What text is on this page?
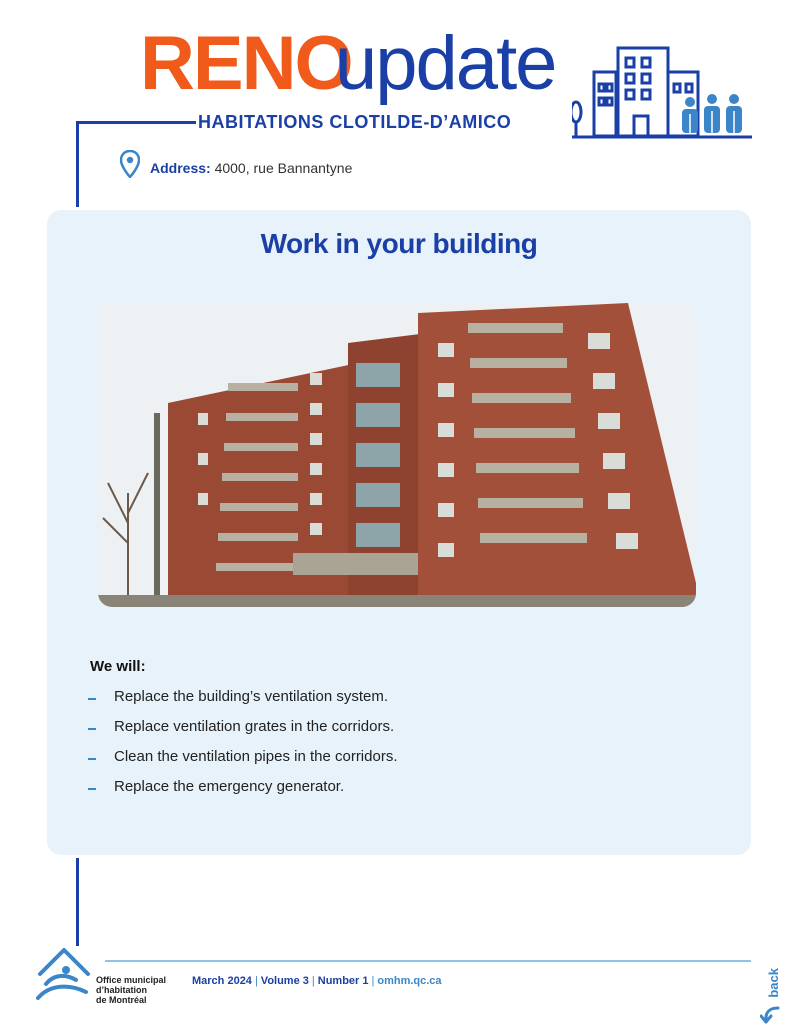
RENO
update
HABITATIONS CLOTILDE-D’AMICO
Address: 4000, rue Bannantyne
Work in your building
We will:
Replace the building’s ventilation system.
Replace ventilation grates in the corridors.
Clean the ventilation pipes in the corridors.
Replace the emergency generator.
Office municipal
d’habitation
de Montréal
March 2024 | Volume 3 | Number 1 | omhm.qc.ca	back
